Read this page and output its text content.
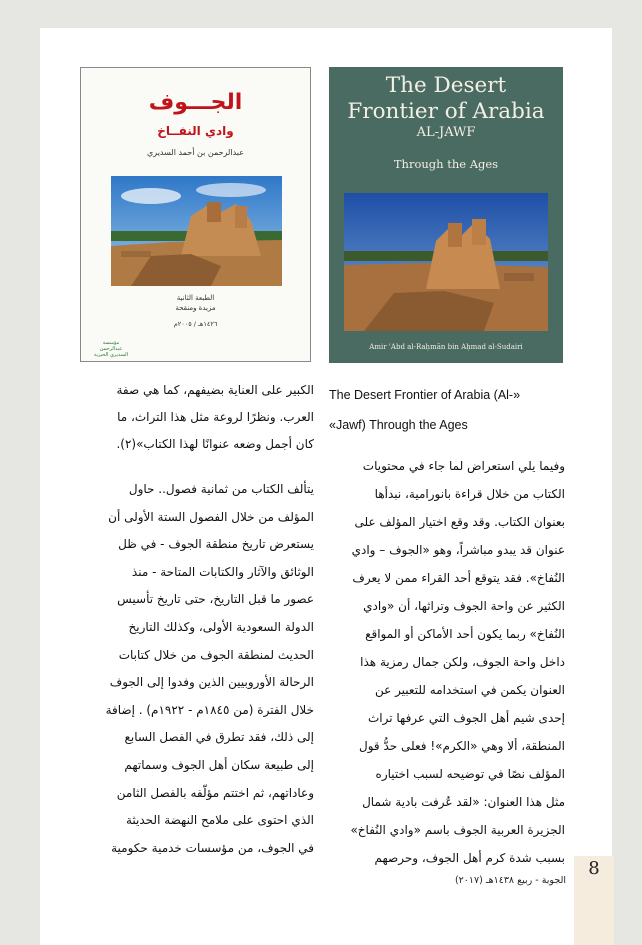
الجـــوف
وادي النفــاخ
عبدالرحمن بن أحمد السديري
الطبعة الثانية
مزيدة ومنقحة
١٤٢٦هـ / ٢٠٠٥م
مؤسسة عبدالرحمن السديري الخيرية
The Desert
Frontier of Arabia
AL-JAWF
Through the Ages
Amir ʿAbd al-Raḥmān bin Aḥmad al-Sudairi
The Desert Frontier of Arabia (Al-»
«Jawf) Through the Ages
الكبير على العناية بضيفهم، كما هي صفة
العرب. ونظرًا لروعة مثل هذا التراث، ما
كان أجمل وضعه عنوانًا لهذا الكتاب»(٢).
يتألف الكتاب من ثمانية فصول.. حاول
المؤلف من خلال الفصول الستة الأولى أن
يستعرض تاريخ منطقة الجوف - في ظل
الوثائق والآثار والكتابات المتاحة - منذ
عصور ما قبل التاريخ، حتى تاريخ تأسيس
الدولة السعودية الأولى، وكذلك التاريخ
الحديث لمنطقة الجوف من خلال كتابات
الرحالة الأوروبيين الذين وفدوا إلى الجوف
خلال الفترة (من ١٨٤٥م - ١٩٢٢م) . إضافة
إلى ذلك، فقد تطرق في الفصل السابع
إلى طبيعة سكان أهل الجوف وسماتهم
وعاداتهم، ثم اختتم مؤلّفه بالفصل الثامن
الذي احتوى على ملامح النهضة الحديثة
في الجوف، من مؤسسات خدمية حكومية
وفيما يلي استعراض لما جاء في محتويات
الكتاب من خلال قراءة بانورامية، نبدأها
بعنوان الكتاب. وقد وقع اختيار المؤلف على
عنوان قد يبدو مباشراً، وهو «الجوف – وادي
النُفاخ». فقد يتوقع أحد القراء ممن لا يعرف
الكثير عن واحة الجوف وتراثها، أن «وادي
النُفاخ» ربما يكون أحد الأماكن أو المواقع
داخل واحة الجوف، ولكن جمال رمزية هذا
العنوان يكمن في استخدامه للتعبير عن
إحدى شيم أهل الجوف التي عرفها تراث
المنطقة، ألا وهي «الكرم»! فعلى حدُّ قول
المؤلف نصًا في توضيحه لسبب اختياره
مثل هذا العنوان: «لقد عُرفت بادية شمال
الجزيرة العربية الجوف باسم «وادي النُفاخ»
بسبب شدة كرم أهل الجوف، وحرصهم
الجوبة - ربيع ١٤٣٨هـ (٢٠١٧)
8
